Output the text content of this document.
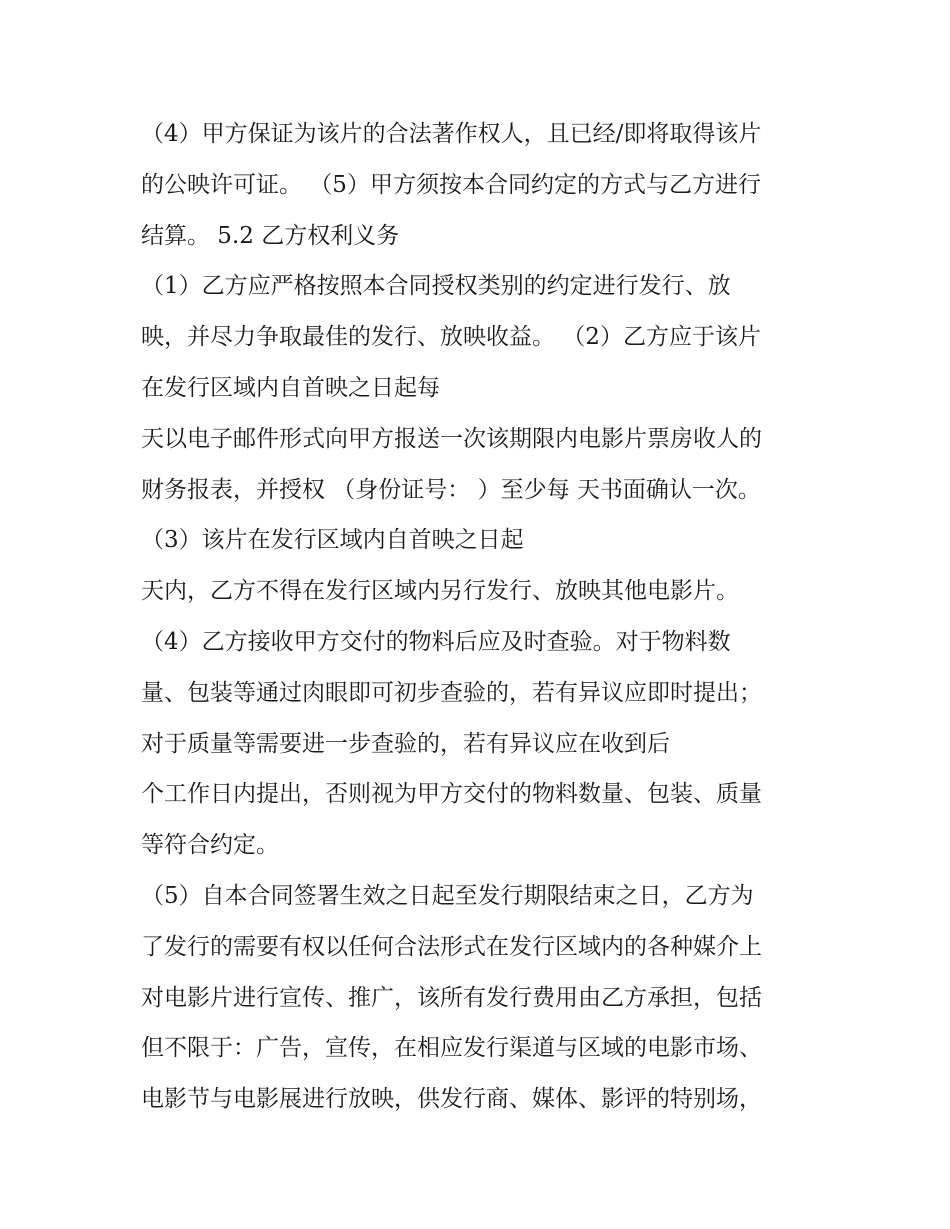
（4）甲方保证为该片的合法著作权人，且已经/即将取得该片
的公映许可证。 （5）甲方须按本合同约定的方式与乙方进行
结算。 5.2 乙方权利义务
（1）乙方应严格按照本合同授权类别的约定进行发行、放
映，并尽力争取最佳的发行、放映收益。 （2）乙方应于该片
在发行区域内自首映之日起每
天以电子邮件形式向甲方报送一次该期限内电影片票房收人的
财务报表，并授权 （身份证号： ）至少每 天书面确认一次。
（3）该片在发行区域内自首映之日起
天内，乙方不得在发行区域内另行发行、放映其他电影片。
（4）乙方接收甲方交付的物料后应及时查验。对于物料数
量、包装等通过肉眼即可初步查验的，若有异议应即时提出；
对于质量等需要进一步查验的，若有异议应在收到后
个工作日内提出，否则视为甲方交付的物料数量、包装、质量
等符合约定。
（5）自本合同签署生效之日起至发行期限结束之日，乙方为
了发行的需要有权以任何合法形式在发行区域内的各种媒介上
对电影片进行宣传、推广，该所有发行费用由乙方承担，包括
但不限于：广告，宣传，在相应发行渠道与区域的电影市场、
电影节与电影展进行放映，供发行商、媒体、影评的特别场，
